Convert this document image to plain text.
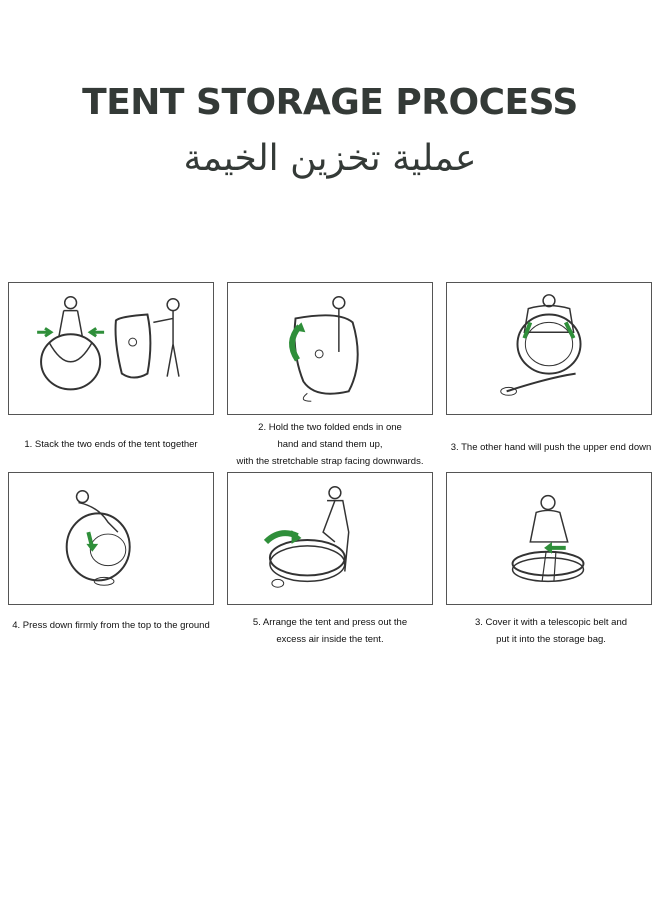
TENT STORAGE PROCESS
عملية تخزين الخيمة
1. Stack the two ends of the tent together
2. Hold the two folded ends in one
hand and stand them up,
with the stretchable strap facing downwards.
3. The other hand will push the upper end down
4. Press down firmly from the top to the ground	5. Arrange the tent and press out the
excess air inside the tent.
3. Cover it with a telescopic belt and
put it into the storage bag.
